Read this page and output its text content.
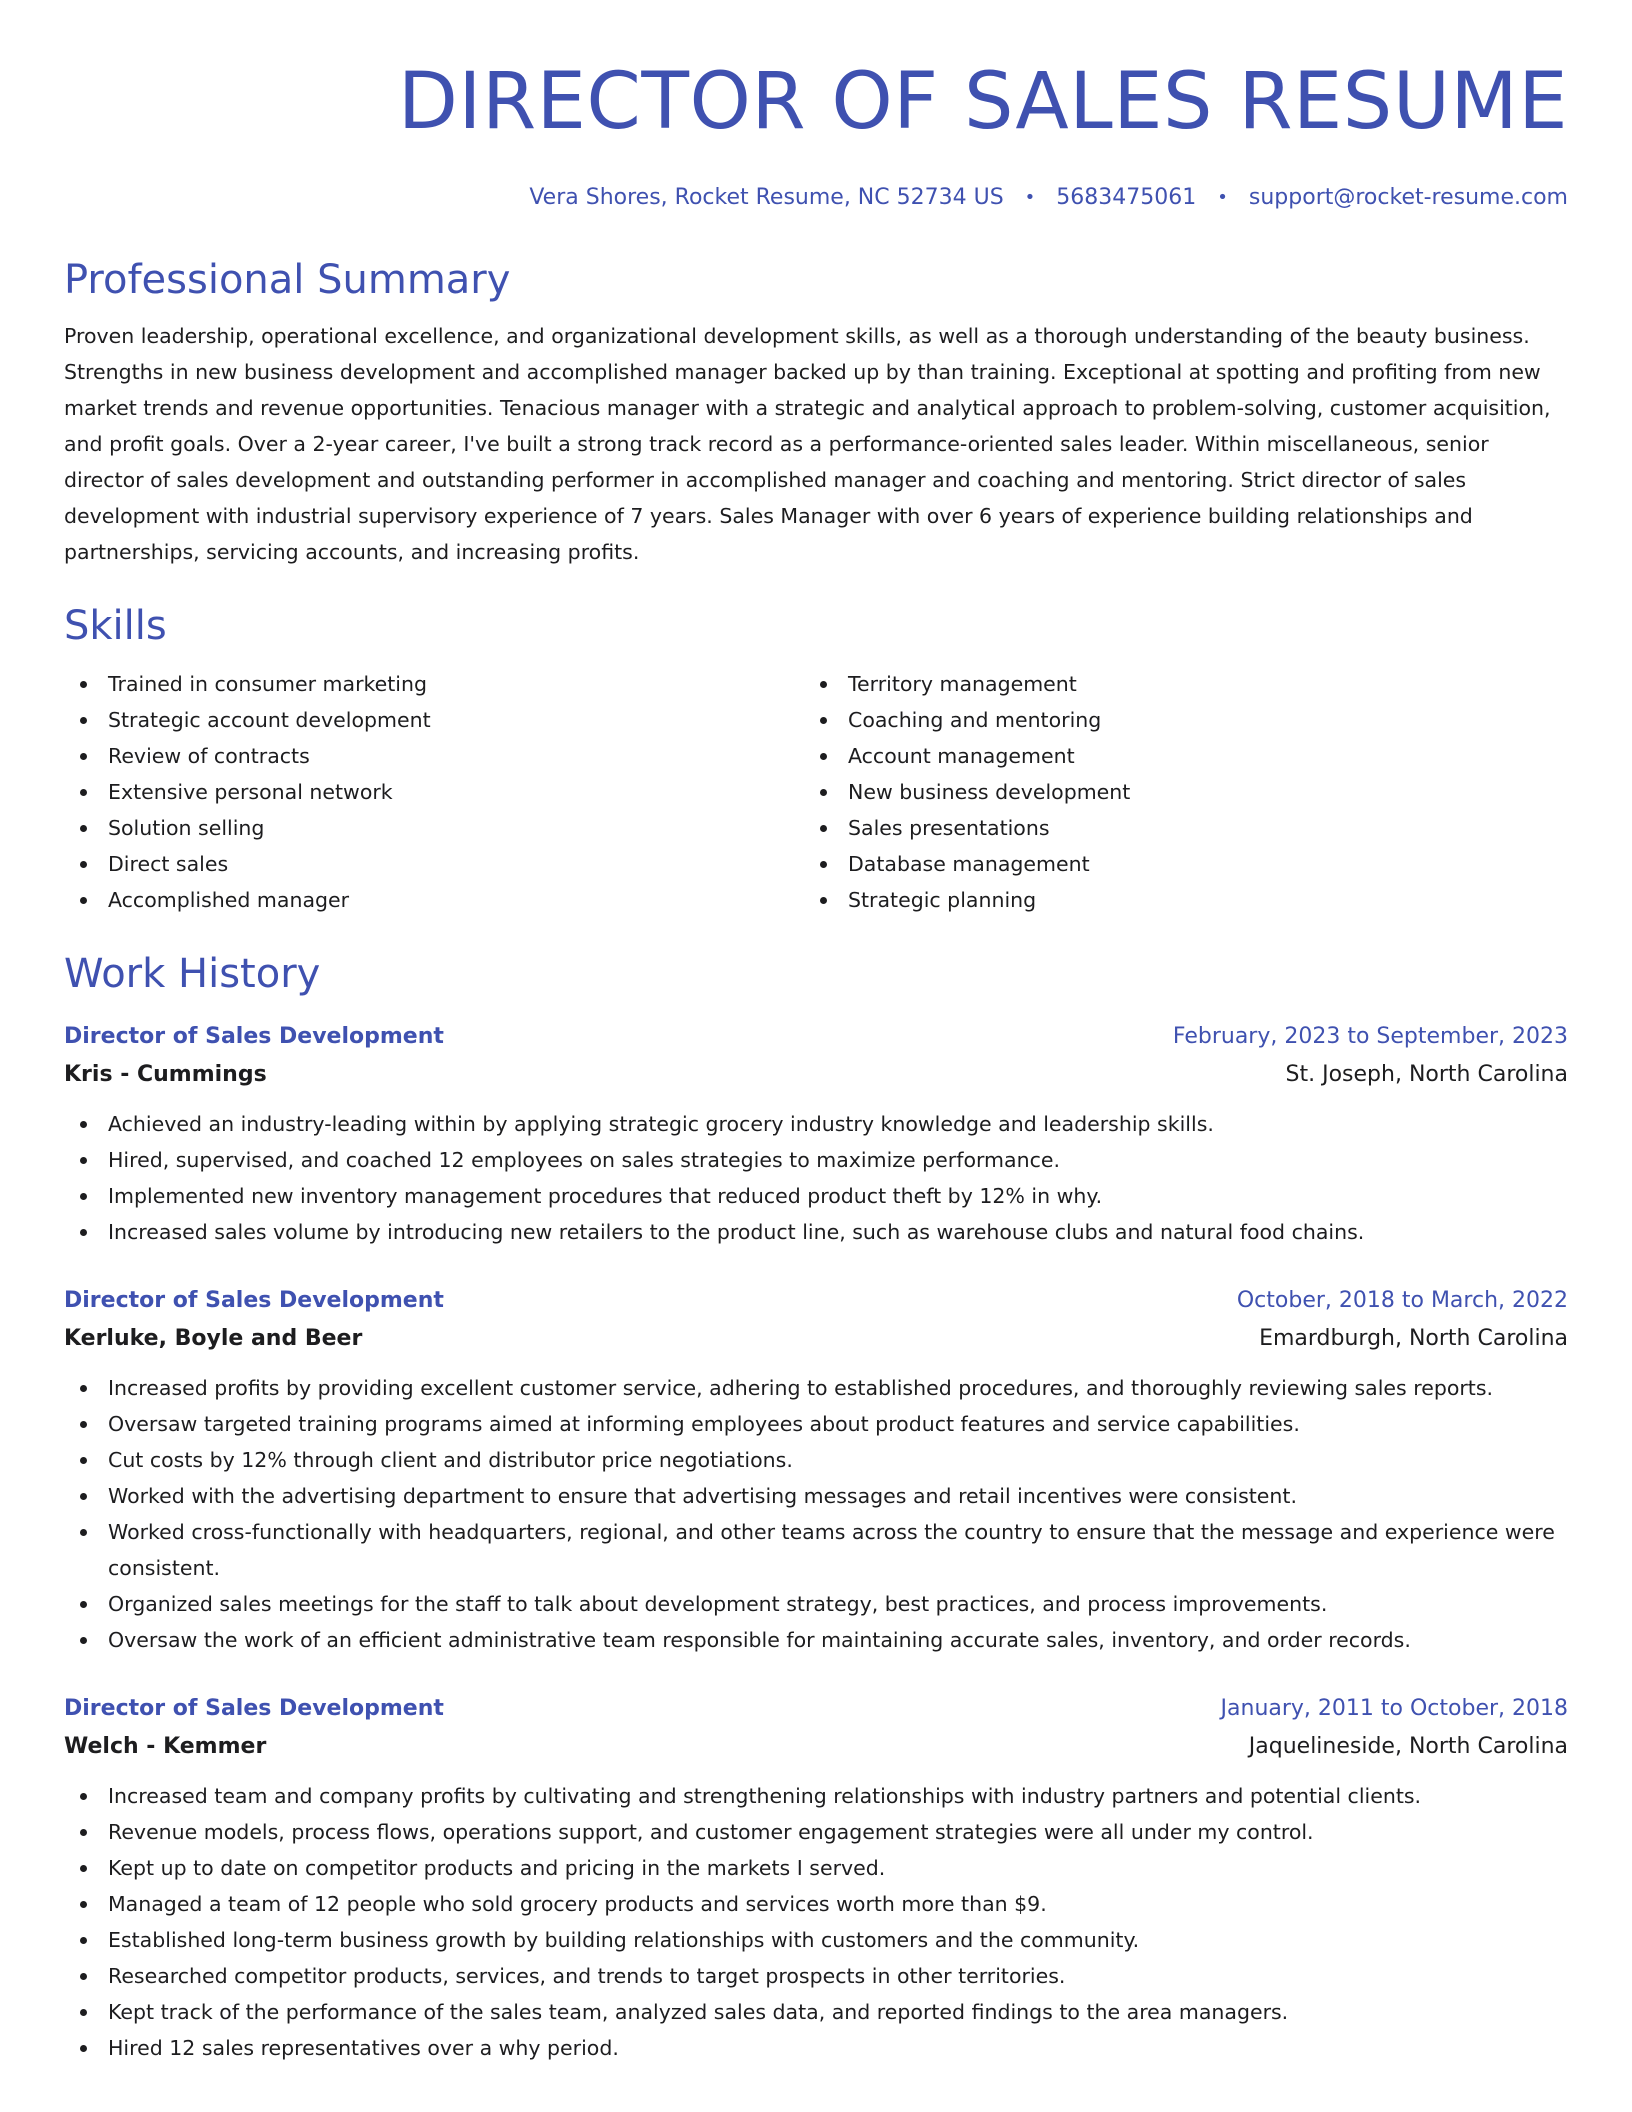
DIRECTOR OF SALES RESUME
Vera Shores, Rocket Resume, NC 52734 US • 5683475061 • support@rocket-resume.com
Professional Summary

Proven leadership, operational excellence, and organizational development skills, as well as a thorough understanding of the beauty business. Strengths in new business development and accomplished manager backed up by than training. Exceptional at spotting and profiting from new market trends and revenue opportunities. Tenacious manager with a strategic and analytical approach to problem-solving, customer acquisition, and profit goals. Over a 2-year career, I've built a strong track record as a performance-oriented sales leader. Within miscellaneous, senior director of sales development and outstanding performer in accomplished manager and coaching and mentoring. Strict director of sales development with industrial supervisory experience of 7 years. Sales Manager with over 6 years of experience building relationships and partnerships, servicing accounts, and increasing profits.

Skills
Trained in consumer marketing
Strategic account development
Review of contracts
Extensive personal network
Solution selling
Direct sales
Accomplished manager
Territory management
Coaching and mentoring
Account management
New business development
Sales presentations
Database management
Strategic planning
Work History
Director of Sales Development	February, 2023 to September, 2023
Kris - Cummings	St. Joseph, North Carolina
Achieved an industry-leading within by applying strategic grocery industry knowledge and leadership skills.
Hired, supervised, and coached 12 employees on sales strategies to maximize performance.
Implemented new inventory management procedures that reduced product theft by 12% in why.
Increased sales volume by introducing new retailers to the product line, such as warehouse clubs and natural food chains.
Director of Sales Development	October, 2018 to March, 2022
Kerluke, Boyle and Beer	Emardburgh, North Carolina
Increased profits by providing excellent customer service, adhering to established procedures, and thoroughly reviewing sales reports.
Oversaw targeted training programs aimed at informing employees about product features and service capabilities.
Cut costs by 12% through client and distributor price negotiations.
Worked with the advertising department to ensure that advertising messages and retail incentives were consistent.
Worked cross-functionally with headquarters, regional, and other teams across the country to ensure that the message and experience were consistent.
Organized sales meetings for the staff to talk about development strategy, best practices, and process improvements.
Oversaw the work of an efficient administrative team responsible for maintaining accurate sales, inventory, and order records.
Director of Sales Development	January, 2011 to October, 2018
Welch - Kemmer	Jaquelineside, North Carolina
Increased team and company profits by cultivating and strengthening relationships with industry partners and potential clients.
Revenue models, process flows, operations support, and customer engagement strategies were all under my control.
Kept up to date on competitor products and pricing in the markets I served.
Managed a team of 12 people who sold grocery products and services worth more than $9.
Established long-term business growth by building relationships with customers and the community.
Researched competitor products, services, and trends to target prospects in other territories.
Kept track of the performance of the sales team, analyzed sales data, and reported findings to the area managers.
Hired 12 sales representatives over a why period.
